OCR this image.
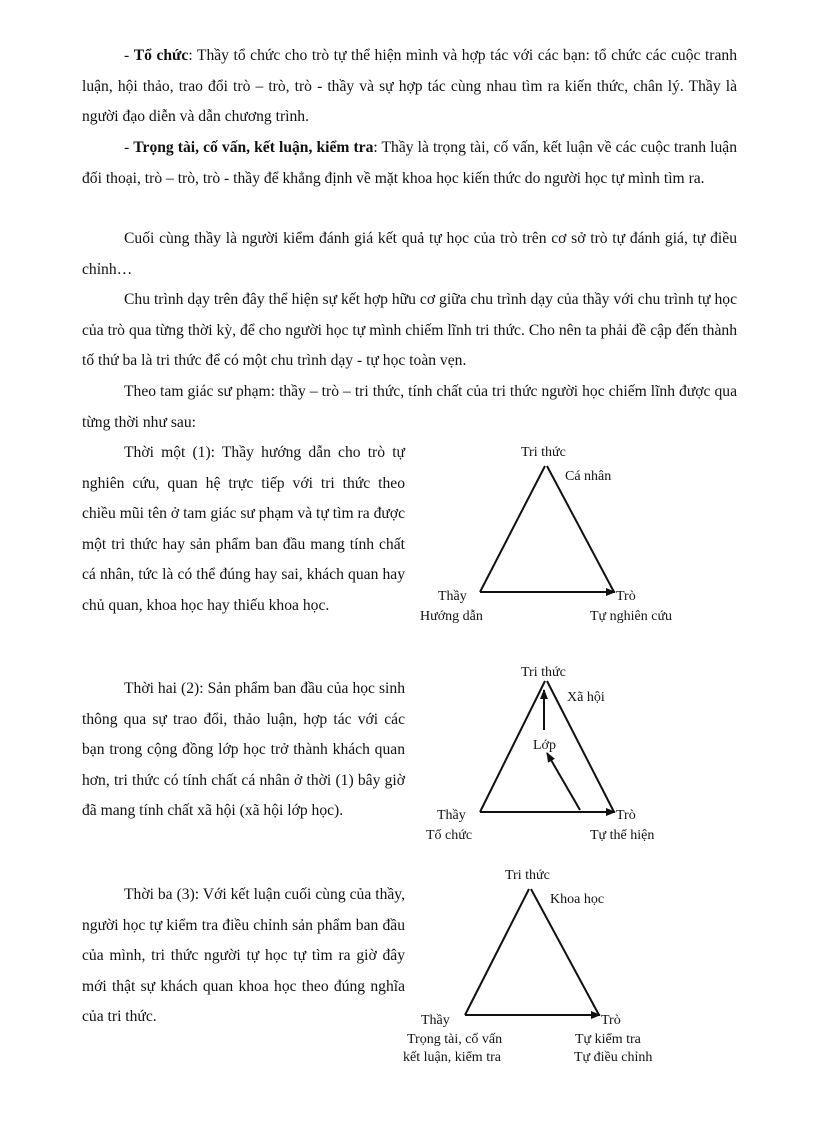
- Tổ chức: Thầy tổ chức cho trò tự thể hiện mình và hợp tác với các bạn: tổ chức các cuộc tranh luận, hội thảo, trao đổi trò – trò, trò - thầy và sự hợp tác cùng nhau tìm ra kiến thức, chân lý. Thầy là người đạo diễn và dẫn chương trình.

- Trọng tài, cố vấn, kết luận, kiểm tra: Thầy là trọng tài, cố vấn, kết luận về các cuộc tranh luận đối thoại, trò – trò, trò - thầy để khẳng định về mặt khoa học kiến thức do người học tự mình tìm ra.

Cuối cùng thầy là người kiểm đánh giá kết quả tự học của trò trên cơ sở trò tự đánh giá, tự điều chỉnh…

Chu trình dạy trên đây thể hiện sự kết hợp hữu cơ giữa chu trình dạy của thầy với chu trình tự học của trò qua từng thời kỳ, để cho người học tự mình chiếm lĩnh tri thức. Cho nên ta phải đề cập đến thành tố thứ ba là tri thức để có một chu trình dạy - tự học toàn vẹn.

Theo tam giác sư phạm: thầy – trò – tri thức, tính chất của tri thức người học chiếm lĩnh được qua từng thời như sau:

Thời một (1): Thầy hướng dẫn cho trò tự nghiên cứu, quan hệ trực tiếp với tri thức theo chiều mũi tên ở tam giác sư phạm và tự tìm ra được một tri thức hay sản phẩm ban đầu mang tính chất cá nhân, tức là có thể đúng hay sai, khách quan hay chủ quan, khoa học hay thiếu khoa học.

Thời hai (2): Sản phẩm ban đầu của học sinh thông qua sự trao đổi, thảo luận, hợp tác với các bạn trong cộng đồng lớp học trở thành khách quan hơn, tri thức có tính chất cá nhân ở thời (1) bây giờ đã mang tính chất xã hội (xã hội lớp học).

Thời ba (3): Với kết luận cuối cùng của thầy, người học tự kiểm tra điều chỉnh sản phẩm ban đầu của mình, tri thức người tự học tự tìm ra giờ đây mới thật sự khách quan khoa học theo đúng nghĩa của tri thức.

Tri thức
Cá nhân
Thầy
Hướng dẫn
Trò
Tự nghiên cứu
Tri thức
Xã hội
Lớp
Thầy
Tổ chức
Trò
Tự thể hiện
Tri thức
Khoa học
Thầy
Trọng tài, cố vấn
kết luận, kiểm tra
Trò
Tự kiểm tra
Tự điều chỉnh
